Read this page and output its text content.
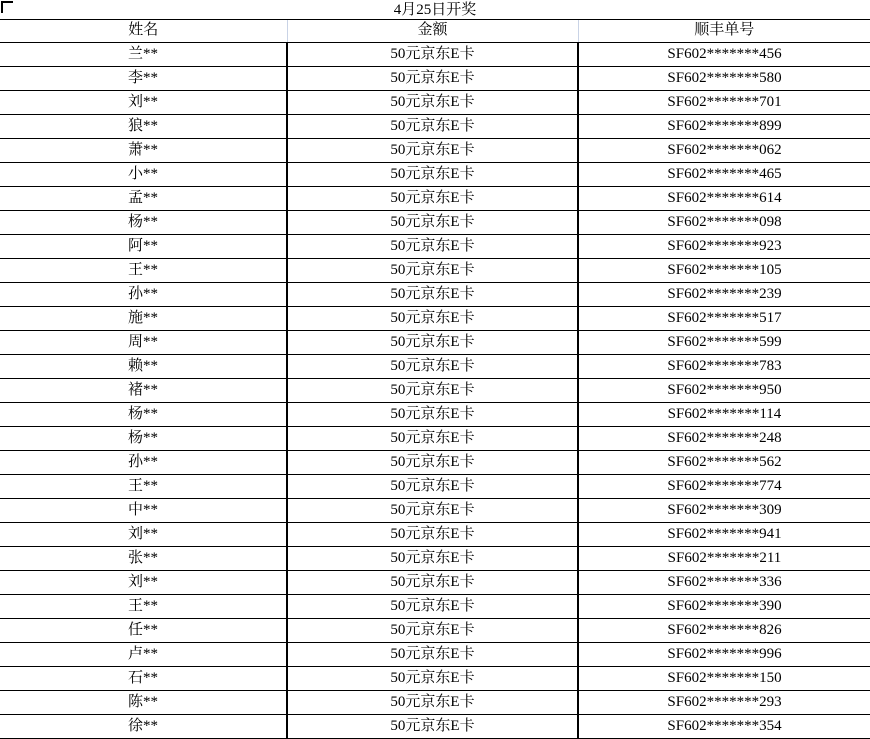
4月25日开奖
姓名	金额	顺丰单号
兰**	50元京东E卡	SF602*******456
李**	50元京东E卡	SF602*******580
刘**	50元京东E卡	SF602*******701
狼**	50元京东E卡	SF602*******899
萧**	50元京东E卡	SF602*******062
小**	50元京东E卡	SF602*******465
孟**	50元京东E卡	SF602*******614
杨**	50元京东E卡	SF602*******098
阿**	50元京东E卡	SF602*******923
王**	50元京东E卡	SF602*******105
孙**	50元京东E卡	SF602*******239
施**	50元京东E卡	SF602*******517
周**	50元京东E卡	SF602*******599
赖**	50元京东E卡	SF602*******783
褚**	50元京东E卡	SF602*******950
杨**	50元京东E卡	SF602*******114
杨**	50元京东E卡	SF602*******248
孙**	50元京东E卡	SF602*******562
王**	50元京东E卡	SF602*******774
中**	50元京东E卡	SF602*******309
刘**	50元京东E卡	SF602*******941
张**	50元京东E卡	SF602*******211
刘**	50元京东E卡	SF602*******336
王**	50元京东E卡	SF602*******390
任**	50元京东E卡	SF602*******826
卢**	50元京东E卡	SF602*******996
石**	50元京东E卡	SF602*******150
陈**	50元京东E卡	SF602*******293
徐**	50元京东E卡	SF602*******354
